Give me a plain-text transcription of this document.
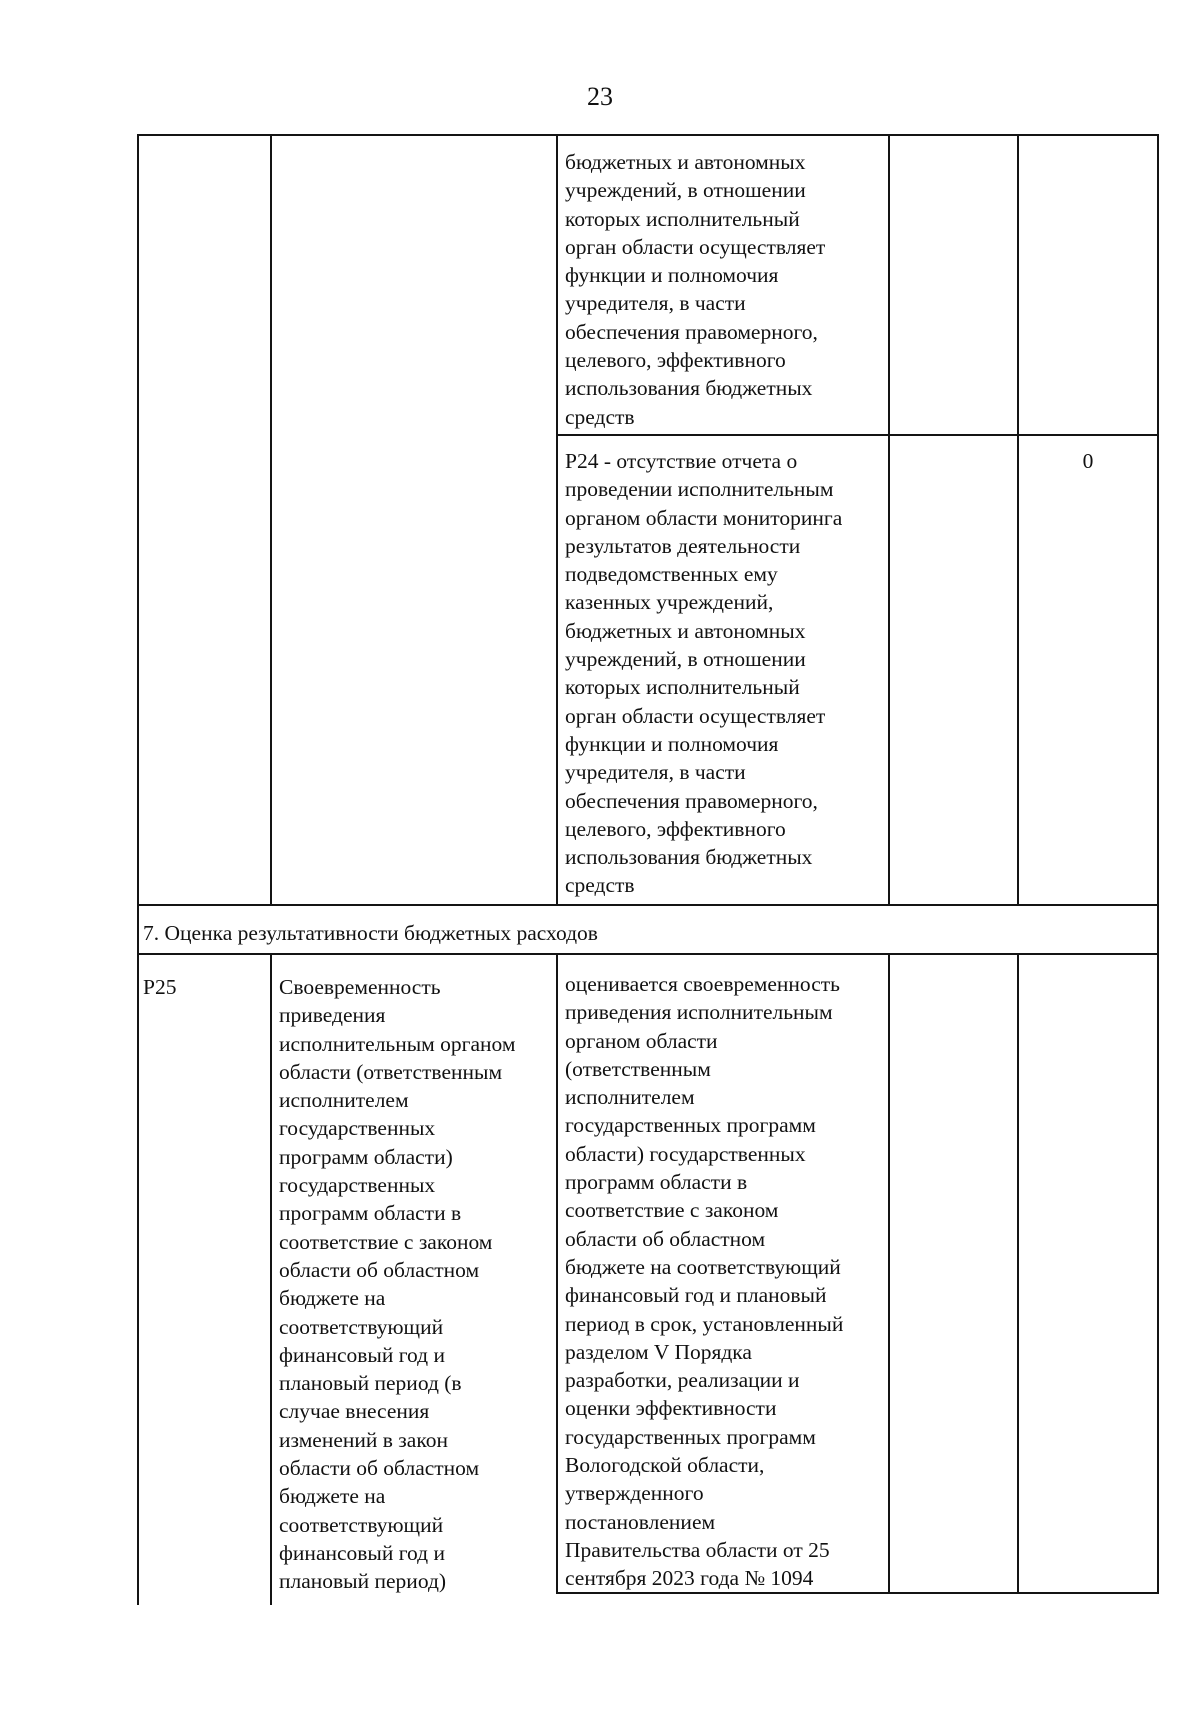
23
бюджетных и автономных
учреждений, в отношении
которых исполнительный
орган области осуществляет
функции и полномочия
учредителя, в части
обеспечения правомерного,
целевого, эффективного
использования бюджетных
средств
Р24 - отсутствие отчета о
проведении исполнительным
органом области мониторинга
результатов деятельности
подведомственных ему
казенных учреждений,
бюджетных и автономных
учреждений, в отношении
которых исполнительный
орган области осуществляет
функции и полномочия
учредителя, в части
обеспечения правомерного,
целевого, эффективного
использования бюджетных
средств
0
7. Оценка результативности бюджетных расходов
Р25	Своевременность
приведения
исполнительным органом
области (ответственным
исполнителем
государственных
программ области)
государственных
программ области в
соответствие с законом
области об областном
бюджете на
соответствующий
финансовый год и
плановый период (в
случае внесения
изменений в закон
области об областном
бюджете на
соответствующий
финансовый год и
плановый период)
оценивается своевременность
приведения исполнительным
органом области
(ответственным
исполнителем
государственных программ
области) государственных
программ области в
соответствие с законом
области об областном
бюджете на соответствующий
финансовый год и плановый
период в срок, установленный
разделом V Порядка
разработки, реализации и
оценки эффективности
государственных программ
Вологодской области,
утвержденного
постановлением
Правительства области от 25
сентября 2023 года № 1094
